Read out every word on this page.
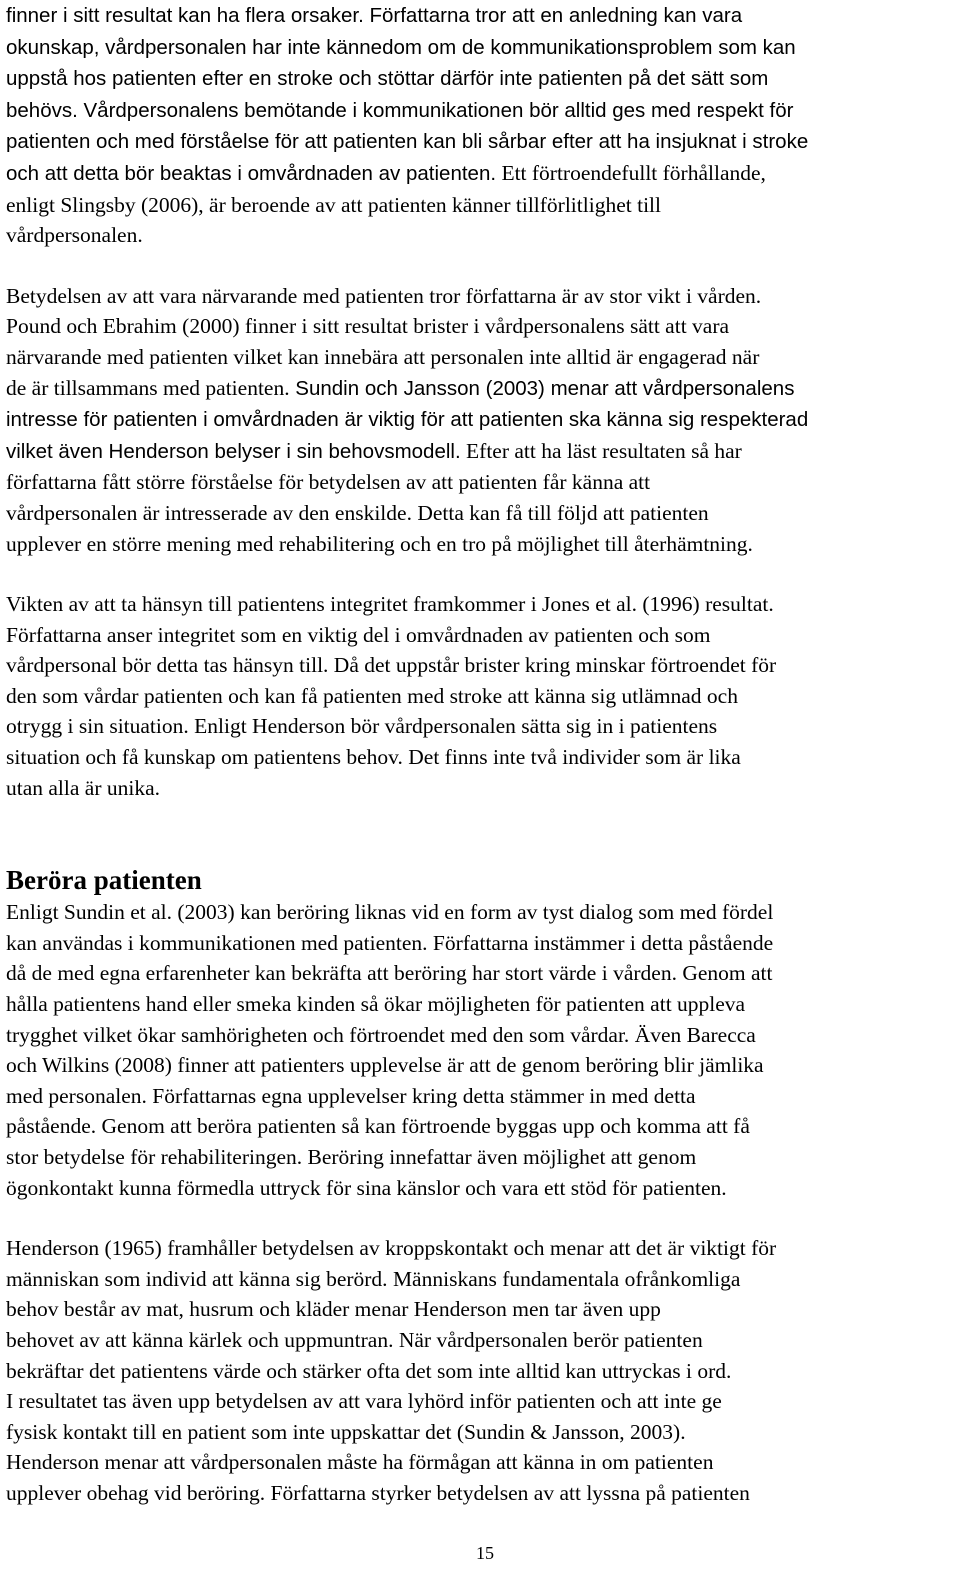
finner i sitt resultat kan ha flera orsaker. Författarna tror att en anledning kan vara
okunskap, vårdpersonalen har inte kännedom om de kommunikationsproblem som kan
uppstå hos patienten efter en stroke och stöttar därför inte patienten på det sätt som
behövs. Vårdpersonalens bemötande i kommunikationen bör alltid ges med respekt för
patienten och med förståelse för att patienten kan bli sårbar efter att ha insjuknat i stroke
och att detta bör beaktas i omvårdnaden av patienten. Ett förtroendefullt förhållande,
enligt Slingsby (2006), är beroende av att patienten känner tillförlitlighet till
vårdpersonalen.

Betydelsen av att vara närvarande med patienten tror författarna är av stor vikt i vården.
Pound och Ebrahim (2000) finner i sitt resultat brister i vårdpersonalens sätt att vara
närvarande med patienten vilket kan innebära att personalen inte alltid är engagerad när
de är tillsammans med patienten. Sundin och Jansson (2003) menar att vårdpersonalens
intresse för patienten i omvårdnaden är viktig för att patienten ska känna sig respekterad
vilket även Henderson belyser i sin behovsmodell. Efter att ha läst resultaten så har
författarna fått större förståelse för betydelsen av att patienten får känna att
vårdpersonalen är intresserade av den enskilde. Detta kan få till följd att patienten
upplever en större mening med rehabilitering och en tro på möjlighet till återhämtning.

Vikten av att ta hänsyn till patientens integritet framkommer i Jones et al. (1996) resultat.
Författarna anser integritet som en viktig del i omvårdnaden av patienten och som
vårdpersonal bör detta tas hänsyn till. Då det uppstår brister kring minskar förtroendet för
den som vårdar patienten och kan få patienten med stroke att känna sig utlämnad och
otrygg i sin situation. Enligt Henderson bör vårdpersonalen sätta sig in i patientens
situation och få kunskap om patientens behov. Det finns inte två individer som är lika
utan alla är unika.

Beröra patienten

Enligt Sundin et al. (2003) kan beröring liknas vid en form av tyst dialog som med fördel
kan användas i kommunikationen med patienten. Författarna instämmer i detta påstående
då de med egna erfarenheter kan bekräfta att beröring har stort värde i vården. Genom att
hålla patientens hand eller smeka kinden så ökar möjligheten för patienten att uppleva
trygghet vilket ökar samhörigheten och förtroendet med den som vårdar. Även Barecca
och Wilkins (2008) finner att patienters upplevelse är att de genom beröring blir jämlika
med personalen. Författarnas egna upplevelser kring detta stämmer in med detta
påstående. Genom att beröra patienten så kan förtroende byggas upp och komma att få
stor betydelse för rehabiliteringen. Beröring innefattar även möjlighet att genom
ögonkontakt kunna förmedla uttryck för sina känslor och vara ett stöd för patienten.

Henderson (1965) framhåller betydelsen av kroppskontakt och menar att det är viktigt för
människan som individ att känna sig berörd. Människans fundamentala ofrånkomliga
behov består av mat, husrum och kläder menar Henderson men tar även upp
behovet av att känna kärlek och uppmuntran. När vårdpersonalen berör patienten
bekräftar det patientens värde och stärker ofta det som inte alltid kan uttryckas i ord.
I resultatet tas även upp betydelsen av att vara lyhörd inför patienten och att inte ge
fysisk kontakt till en patient som inte uppskattar det (Sundin & Jansson, 2003).
Henderson menar att vårdpersonalen måste ha förmågan att känna in om patienten
upplever obehag vid beröring. Författarna styrker betydelsen av att lyssna på patienten

15
